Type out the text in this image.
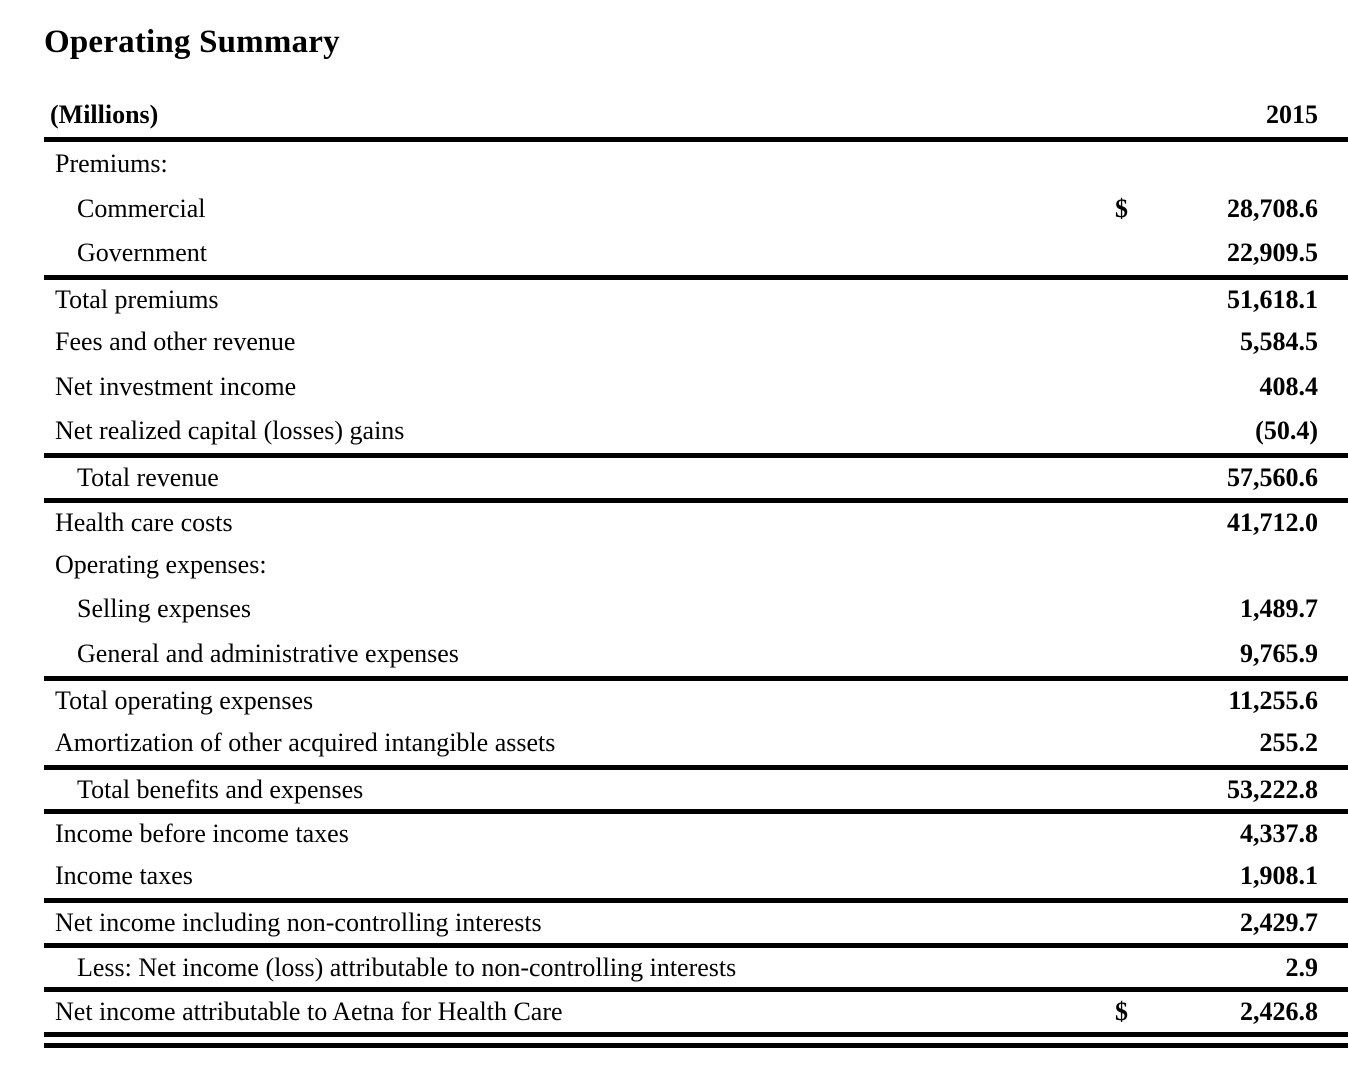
Operating Summary
(Millions)	2015
Premiums:
Commercial	$	28,708.6
Government	22,909.5
Total premiums	51,618.1
Fees and other revenue	5,584.5
Net investment income	408.4
Net realized capital (losses) gains	(50.4)
Total revenue	57,560.6
Health care costs	41,712.0
Operating expenses:
Selling expenses	1,489.7
General and administrative expenses	9,765.9
Total operating expenses	11,255.6
Amortization of other acquired intangible assets	255.2
Total benefits and expenses	53,222.8
Income before income taxes	4,337.8
Income taxes	1,908.1
Net income including non-controlling interests	2,429.7
Less: Net income (loss) attributable to non-controlling interests	2.9
Net income attributable to Aetna for Health Care	$	2,426.8
